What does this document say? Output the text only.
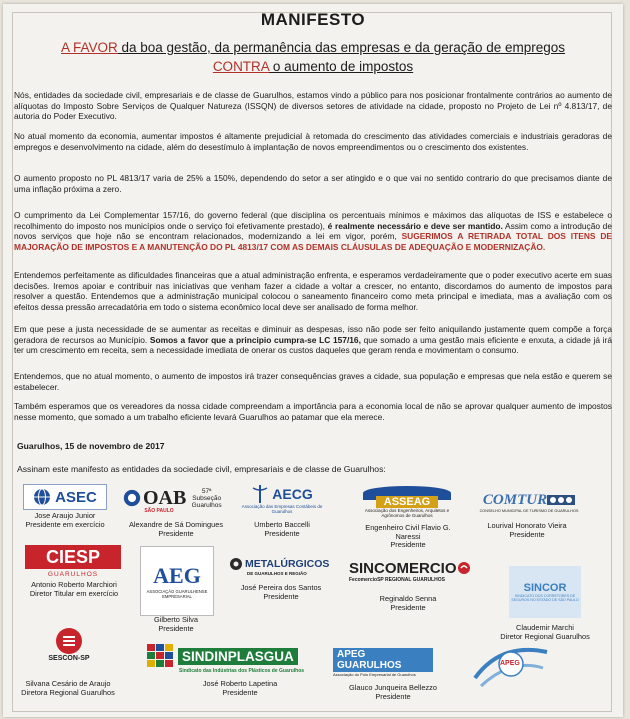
MANIFESTO
A FAVOR da boa gestão, da permanência das empresas e da geração de empregos
CONTRA o aumento de impostos
Nós, entidades da sociedade civil, empresariais e de classe de Guarulhos, estamos vindo a público para nos posicionar frontalmente contrários ao aumento de alíquotas do Imposto Sobre Serviços de Qualquer Natureza (ISSQN) de diversos setores de atividade na cidade, proposto no Projeto de Lei nº 4.813/17, de autoria do Poder Executivo.
No atual momento da economia, aumentar impostos é altamente prejudicial à retomada do crescimento das atividades comerciais e industriais geradoras de empregos e desenvolvimento na cidade, além do desestímulo à implantação de novos empreendimentos ou o crescimento dos existentes.
O aumento proposto no PL 4813/17 varia de 25% a 150%, dependendo do setor a ser atingido e o que vai no sentido contrario do que precisamos diante de uma inflação próxima a zero.
O cumprimento da Lei Complementar 157/16, do governo federal (que disciplina os percentuais mínimos e máximos das alíquotas de ISS e estabelece o recolhimento do imposto nos municípios onde o serviço foi efetivamente prestado), é realmente necessário e deve ser mantido. Assim como a introdução de novos serviços que hoje não se encontram relacionados, modernizando a lei em vigor, porém, SUGERIMOS A RETIRADA TOTAL DOS ITENS DE MAJORAÇÃO DE IMPOSTOS E A MANUTENÇÃO DO PL 4813/17 COM AS DEMAIS CLÁUSULAS DE ADEQUAÇÃO E MODERNIZAÇÃO.
Entendemos perfeitamente as dificuldades financeiras que a atual administração enfrenta, e esperamos verdadeiramente que o poder executivo acerte em suas decisões. Iremos apoiar e contribuir nas iniciativas que venham fazer a cidade a voltar a crescer, no entanto, discordamos do aumento de impostos para resolver a questão. Entendemos que a administração municipal colocou o saneamento financeiro como meta principal e imediata, mas a avaliação com os efeitos dessa pressão arrecadatória em todo o sistema econômico local deve ser analisado de forma melhor.
Em que pese a justa necessidade de se aumentar as receitas e diminuir as despesas, isso não pode ser feito aniquilando justamente quem compõe a força geradora de recursos ao Município. Somos a favor que a principio cumpra-se LC 157/16, que somado a uma gestão mais eficiente e enxuta, a cidade já irá ter um crescimento em receita, sem a necessidade imediata de onerar os custos daqueles que geram renda e movimentam o consumo.
Entendemos, que no atual momento, o aumento de impostos irá trazer consequências graves a cidade, sua população e empresas que nela estão e querem se estabelecer.
Também esperamos que os vereadores da nossa cidade compreendam a importância para a economia local de não se aprovar qualquer aumento de impostos nesse momento, que somado a um trabalho eficiente levará Guarulhos ao patamar que ela merece.
Guarulhos, 15 de novembro de 2017
Assinam este manifesto as entidades da sociedade civil, empresariais e de classe de Guarulhos:
ASEC
Jose Araujo Junior
Presidente em exercício
OAB	57ª Subseção Guarulhos
SÃO PAULO
Alexandre de Sá Domingues
Presidente
AECG
Associação das Empresas Contábeis de Guarulhos
Umberto Baccelli
Presidente
ASSEAG
Associação dos Engenheiros, Arquitetos e Agrônomos de Guarulhos
Engenheiro Civil Flavio G. Naressi
Presidente
COMTUR
CONSELHO MUNICIPAL DE TURISMO DE GUARULHOS
Lourival Honorato Vieira
Presidente
CIESP
GUARULHOS
Antonio Roberto Marchiori
Diretor Titular em exercício
AEG
ASSOCIAÇÃO GUARULHENSE EMPRESARIAL
Gilberto Silva
Presidente
METALÚRGICOS
DE GUARULHOS E REGIÃO
José Pereira dos Santos
Presidente
SINCOMERCIO
FecomercioSP REGIONAL GUARULHOS
Reginaldo Senna
Presidente
SINCOR
SINDICATO DOS CORRETORES DE SEGUROS NO ESTADO DE SÃO PAULO
Claudemir Marchi
Diretor Regional Guarulhos
SESCON-SP
Silvana Cesário de Araujo
Diretora Regional Guarulhos
SINDINPLASGUA
Sindicato das Indústrias dos Plásticos de Guarulhos
José Roberto Lapetina
Presidente
APEG GUARULHOS
Associação do Polo Empresarial de Guarulhos
Glauco Junqueira Bellezzo
Presidente
APEG
